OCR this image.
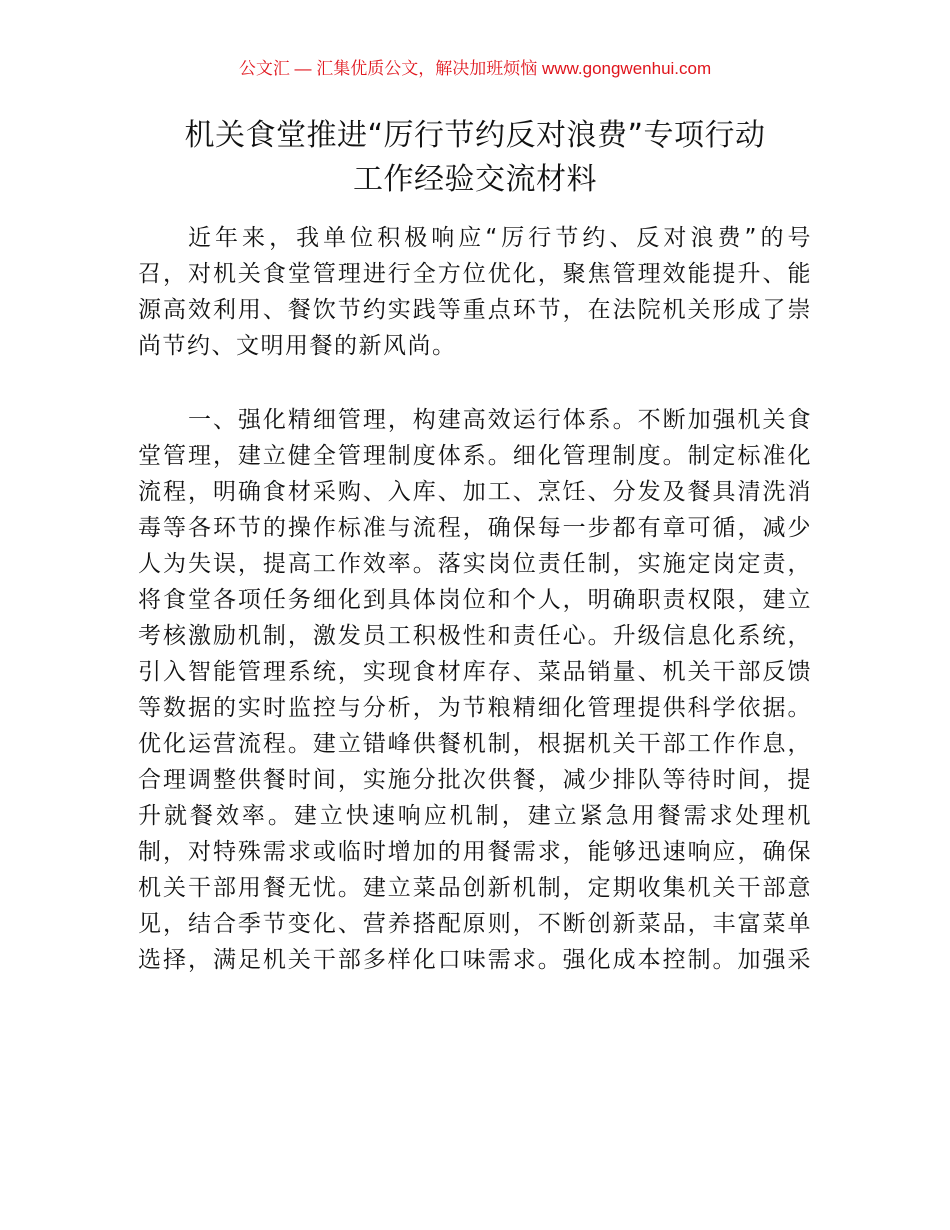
公文汇 — 汇集优质公文，解决加班烦恼 www.gongwenhui.com
机关食堂推进“厉行节约反对浪费”专项行动
工作经验交流材料
近年来，我单位积极响应“厉行节约、反对浪费”的号
召，对机关食堂管理进行全方位优化，聚焦管理效能提升、能
源高效利用、餐饮节约实践等重点环节，在法院机关形成了崇
尚节约、文明用餐的新风尚。
一、强化精细管理，构建高效运行体系。不断加强机关食
堂管理，建立健全管理制度体系。细化管理制度。制定标准化
流程，明确食材采购、入库、加工、烹饪、分发及餐具清洗消
毒等各环节的操作标准与流程，确保每一步都有章可循，减少
人为失误，提高工作效率。落实岗位责任制，实施定岗定责，
将食堂各项任务细化到具体岗位和个人，明确职责权限，建立
考核激励机制，激发员工积极性和责任心。升级信息化系统，
引入智能管理系统，实现食材库存、菜品销量、机关干部反馈
等数据的实时监控与分析，为节粮精细化管理提供科学依据。
优化运营流程。建立错峰供餐机制，根据机关干部工作作息，
合理调整供餐时间，实施分批次供餐，减少排队等待时间，提
升就餐效率。建立快速响应机制，建立紧急用餐需求处理机
制，对特殊需求或临时增加的用餐需求，能够迅速响应，确保
机关干部用餐无忧。建立菜品创新机制，定期收集机关干部意
见，结合季节变化、营养搭配原则，不断创新菜品，丰富菜单
选择，满足机关干部多样化口味需求。强化成本控制。加强采
